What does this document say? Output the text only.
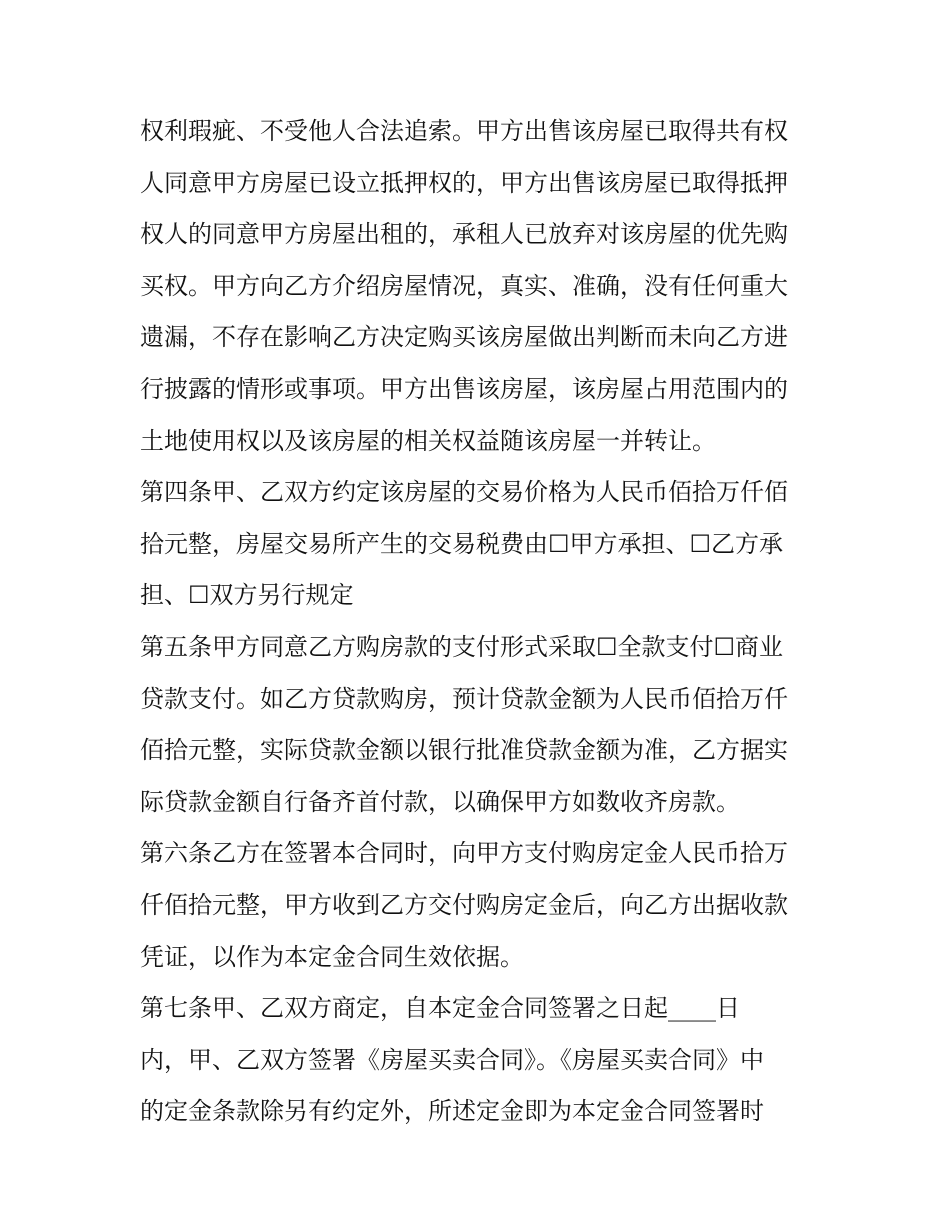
权利瑕疵、不受他人合法追索。甲方出售该房屋已取得共有权
人同意甲方房屋已设立抵押权的，甲方出售该房屋已取得抵押
权人的同意甲方房屋出租的，承租人已放弃对该房屋的优先购
买权。甲方向乙方介绍房屋情况，真实、准确，没有任何重大
遗漏，不存在影响乙方决定购买该房屋做出判断而未向乙方进
行披露的情形或事项。甲方出售该房屋，该房屋占用范围内的
土地使用权以及该房屋的相关权益随该房屋一并转让。
第四条甲、乙双方约定该房屋的交易价格为人民币佰拾万仟佰
拾元整，房屋交易所产生的交易税费由☐甲方承担、☐乙方承
担、☐双方另行规定
第五条甲方同意乙方购房款的支付形式采取☐全款支付☐商业
贷款支付。如乙方贷款购房，预计贷款金额为人民币佰拾万仟
佰拾元整，实际贷款金额以银行批准贷款金额为准，乙方据实
际贷款金额自行备齐首付款，以确保甲方如数收齐房款。
第六条乙方在签署本合同时，向甲方支付购房定金人民币拾万
仟佰拾元整，甲方收到乙方交付购房定金后，向乙方出据收款
凭证，以作为本定金合同生效依据。
第七条甲、乙双方商定，自本定金合同签署之日起____日
内，甲、乙双方签署《房屋买卖合同》。《房屋买卖合同》中
的定金条款除另有约定外，所述定金即为本定金合同签署时
